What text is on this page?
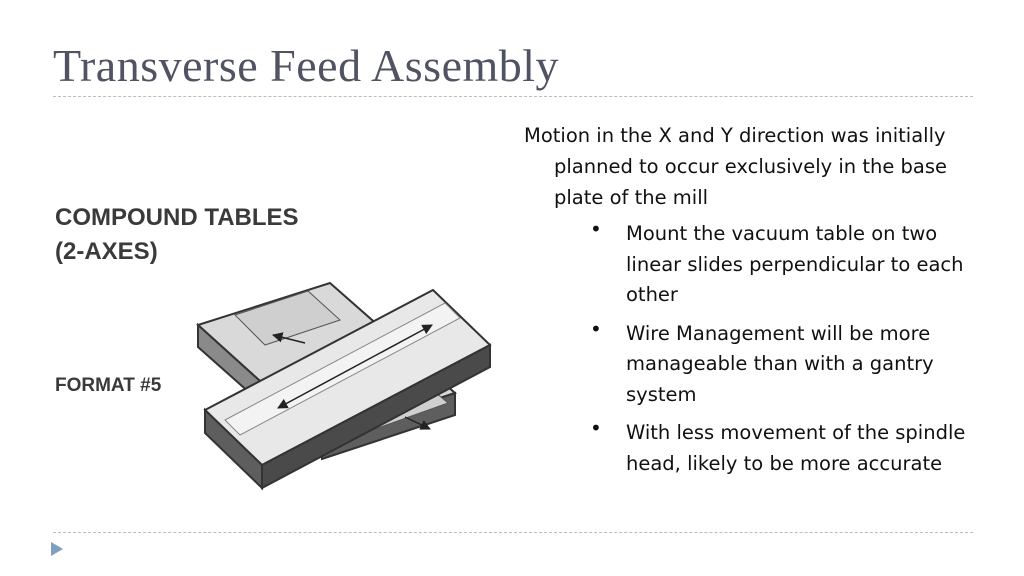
Transverse Feed Assembly
COMPOUND TABLES
(2-AXES)
FORMAT #5

Motion in the X and Y direction was initially planned to occur exclusively in the base plate of the mill

• Mount the vacuum table on two linear slides perpendicular to each other
• Wire Management will be more manageable than with a gantry system
• With less movement of the spindle head, likely to be more accurate
